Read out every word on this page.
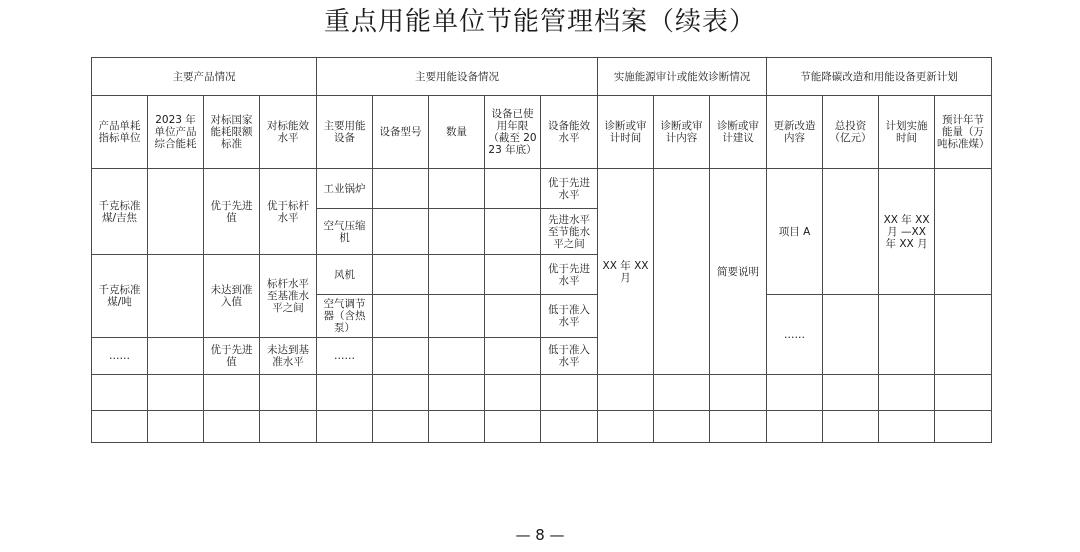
重点用能单位节能管理档案（续表）
主要产品情况				主要用能设备情况					实施能源审计或能效诊断情况			节能降碳改造和用能设备更新计划			
产品单耗指标单位	2023 年单位产品综合能耗	对标国家能耗限额标准	对标能效水平	主要用能设备	设备型号	数量	设备已使用年限（截至 2023 年底）	设备能效水平	诊断或审计时间	诊断或审计内容	诊断或审计建议	更新改造内容	总投资（亿元）	计划实施时间	预计年节能量（万吨标准煤）
千克标准煤/吉焦		优于先进值	优于标杆水平	工业锅炉				优于先进水平	XX 年 XX 月		简要说明	项目 A		XX 年 XX 月 —XX 年 XX 月	
				空气压缩机				先进水平至节能水平之间							
千克标准煤/吨		未达到准入值	标杆水平至基准水平之间	风机				优于先进水平							
				空气调节器（含热泵）				低于准入水平				……			
……		优于先进值	未达到基准水平	……				低于准入水平							

— 8 —
